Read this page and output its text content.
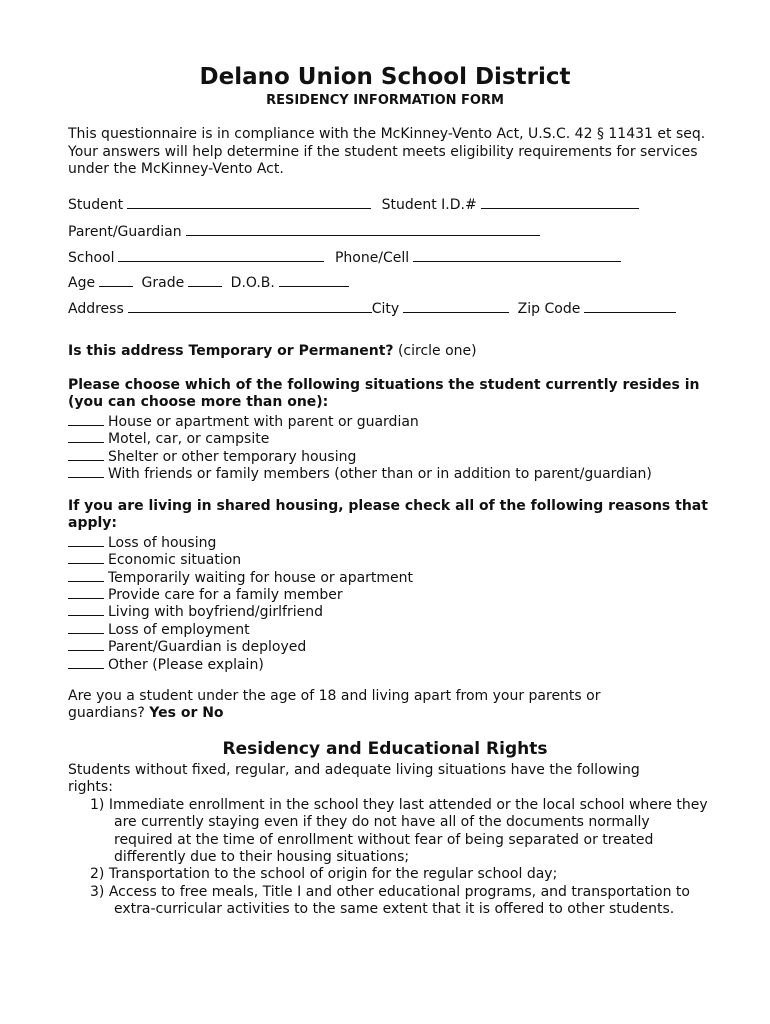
Delano Union School District
RESIDENCY INFORMATION FORM
This questionnaire is in compliance with the McKinney-Vento Act, U.S.C. 42 § 11431 et seq. Your answers will help determine if the student meets eligibility requirements for services under the McKinney-Vento Act.
Student	Student I.D.#
Parent/Guardian
School	Phone/Cell
Age	Grade	D.O.B.
Address	City	Zip Code
Is this address Temporary or Permanent? (circle one)
Please choose which of the following situations the student currently resides in (you can choose more than one):
House or apartment with parent or guardian
Motel, car, or campsite
Shelter or other temporary housing
With friends or family members (other than or in addition to parent/guardian)
If you are living in shared housing, please check all of the following reasons that apply:
Loss of housing
Economic situation
Temporarily waiting for house or apartment
Provide care for a family member
Living with boyfriend/girlfriend
Loss of employment
Parent/Guardian is deployed
Other (Please explain)
Are you a student under the age of 18 and living apart from your parents or guardians? Yes or No
Residency and Educational Rights
Students without fixed, regular, and adequate living situations have the following rights:
1) Immediate enrollment in the school they last attended or the local school where they are currently staying even if they do not have all of the documents normally required at the time of enrollment without fear of being separated or treated differently due to their housing situations;
2) Transportation to the school of origin for the regular school day;
3) Access to free meals, Title I and other educational programs, and transportation to extra-curricular activities to the same extent that it is offered to other students.
